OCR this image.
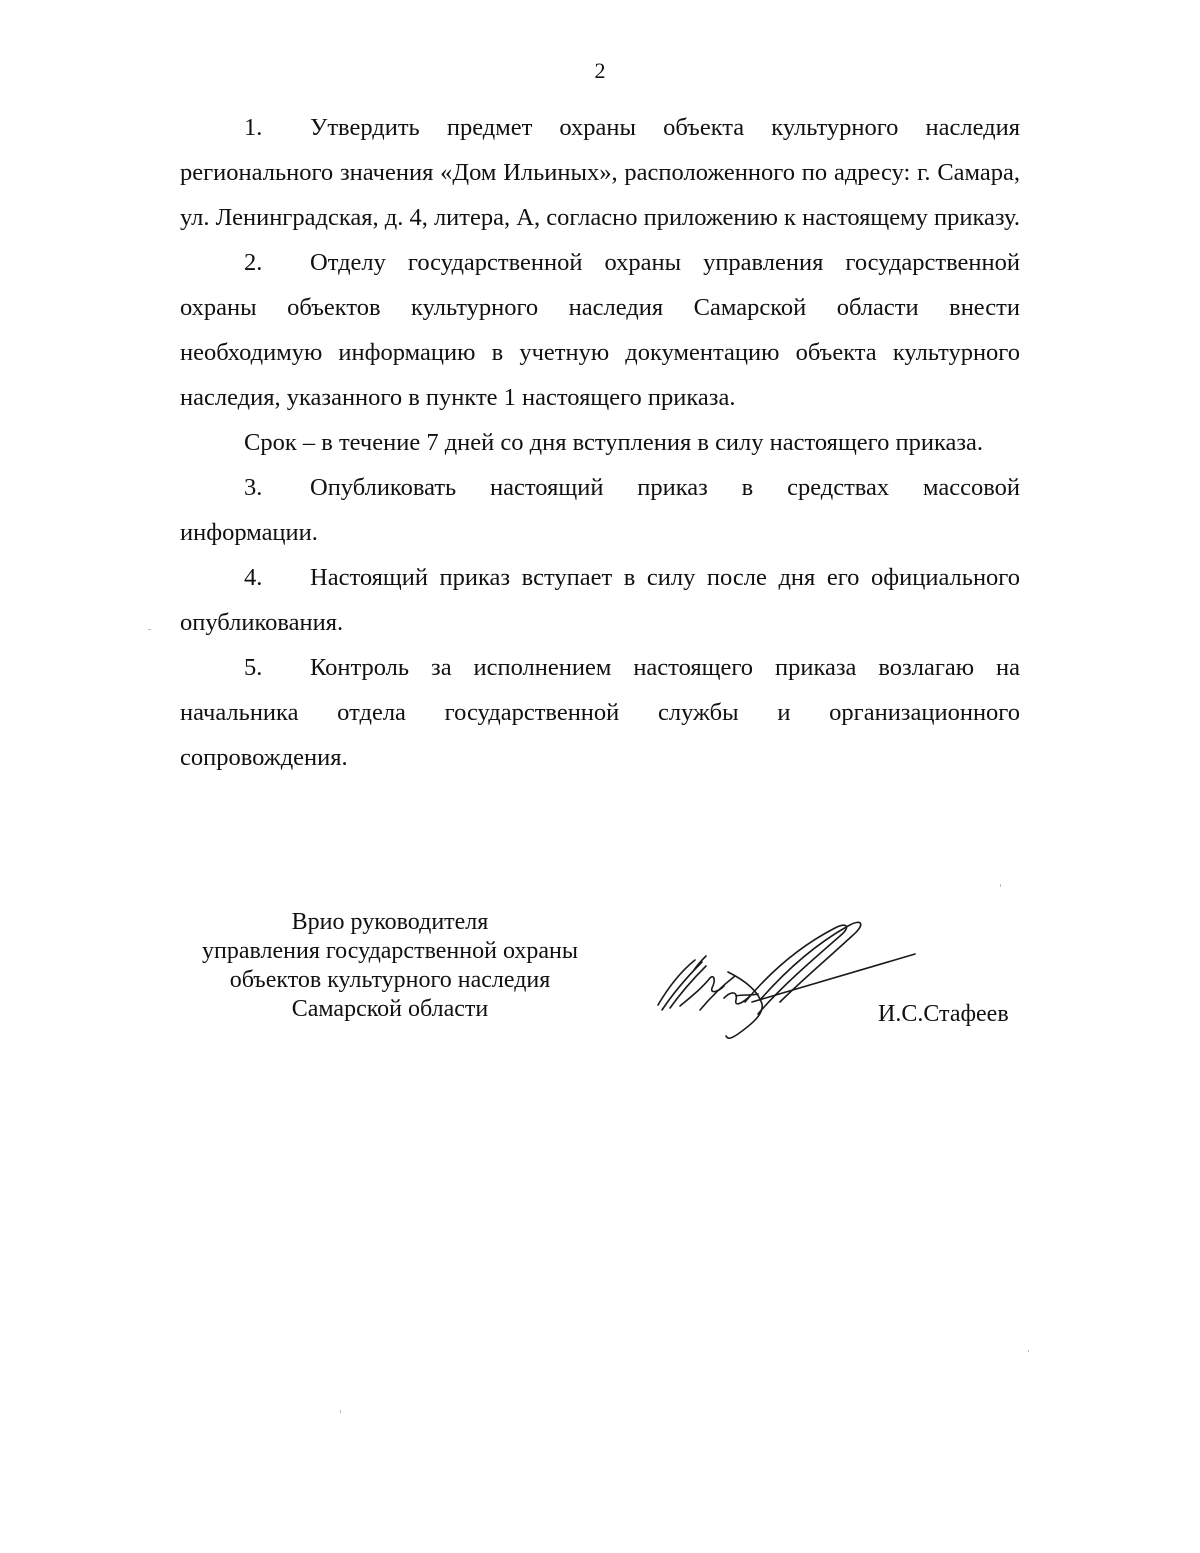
2

1. Утвердить предмет охраны объекта культурного наследия регионального значения «Дом Ильиных», расположенного по адресу: г. Самара, ул. Ленинградская, д. 4, литера, А, согласно приложению к настоящему приказу.

2. Отделу государственной охраны управления государственной охраны объектов культурного наследия Самарской области внести необходимую информацию в учетную документацию объекта культурного наследия, указанного в пункте 1 настоящего приказа.

Срок – в течение 7 дней со дня вступления в силу настоящего приказа.

3. Опубликовать настоящий приказ в средствах массовой информации.

4. Настоящий приказ вступает в силу после дня его официального опубликования.

5. Контроль за исполнением настоящего приказа возлагаю на начальника отдела государственной службы и организационного сопровождения.

Врио руководителя
управления государственной охраны
объектов культурного наследия
Самарской области	И.С.Стафеев
